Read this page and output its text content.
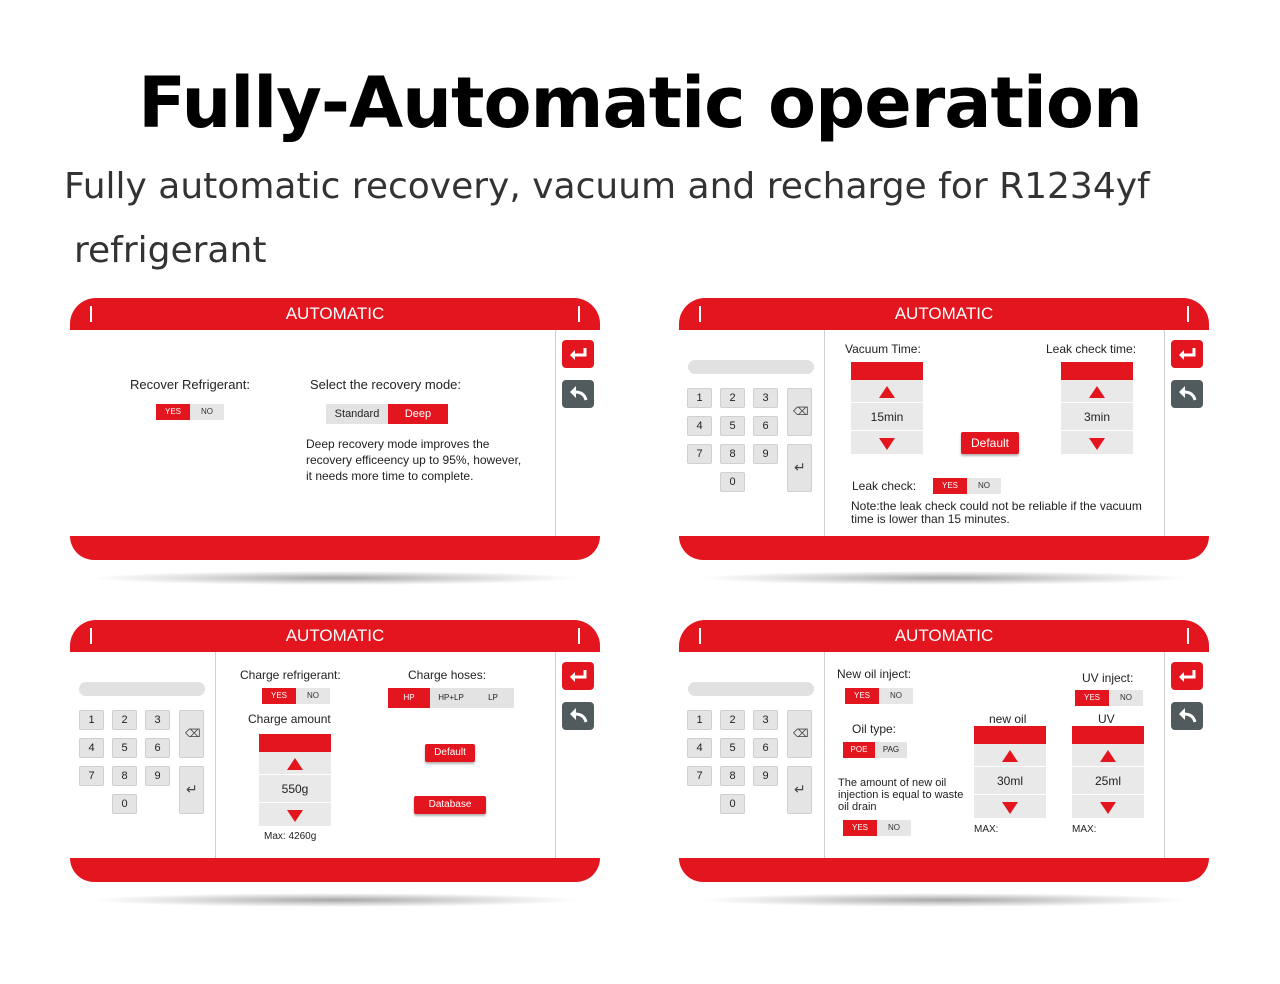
Fully-Automatic operation
Fully automatic recovery, vacuum and recharge for R1234yf
refrigerant
AUTOMATIC
Recover Refrigerant:
YES	NO
Select the recovery mode:
Standard	Deep
Deep recovery mode improves the recovery efficeency up to 95%, however, it needs more time to complete.
AUTOMATIC
1	2	3
4	5	6
7	8	9
0
⌫
↵
Vacuum Time:
15min
Leak check time:
3min
Default
Leak check:	YES	NO
Note:the leak check could not be reliable if the vacuum time is lower than 15 minutes.
AUTOMATIC
1	2	3
4	5	6
7	8	9
0
⌫
↵
Charge refrigerant:
YES	NO
Charge amount
550g
Max: 4260g
Charge hoses:
HP	HP+LP	LP
Default
Database
AUTOMATIC
1	2	3
4	5	6
7	8	9
0
⌫
↵
New oil inject:
YES	NO
Oil type:
POE	PAG
The amount of new oil injection is equal to waste oil drain
YES	NO
UV inject:
YES	NO
new oil
30ml
MAX:
UV
25ml
MAX:
